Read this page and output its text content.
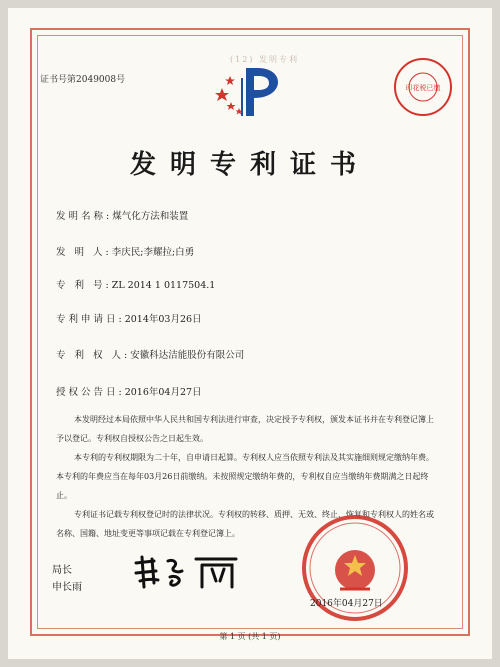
证书号第2049008号
(12) 发明专利
印花税已缴
发明专利证书
发明名称:煤气化方法和装置
发 明 人:李庆民;李耀拉;白勇
专 利 号:ZL 2014 1 0117504.1
专利申请日:2014年03月26日
专 利 权 人:安徽科达洁能股份有限公司
授权公告日:2016年04月27日

本发明经过本局依照中华人民共和国专利法进行审查，决定授予专利权，颁发本证书并在专利登记簿上予以登记。专利权自授权公告之日起生效。

本专利的专利权期限为二十年，自申请日起算。专利权人应当依照专利法及其实施细则规定缴纳年费。本专利的年费应当在每年03月26日前缴纳。未按照规定缴纳年费的，专利权自应当缴纳年费期满之日起终止。

专利证书记载专利权登记时的法律状况。专利权的转移、质押、无效、终止、恢复和专利权人的姓名或名称、国籍、地址变更等事项记载在专利登记簿上。

局长
申长雨
2016年04月27日
第 1 页 (共 1 页)
